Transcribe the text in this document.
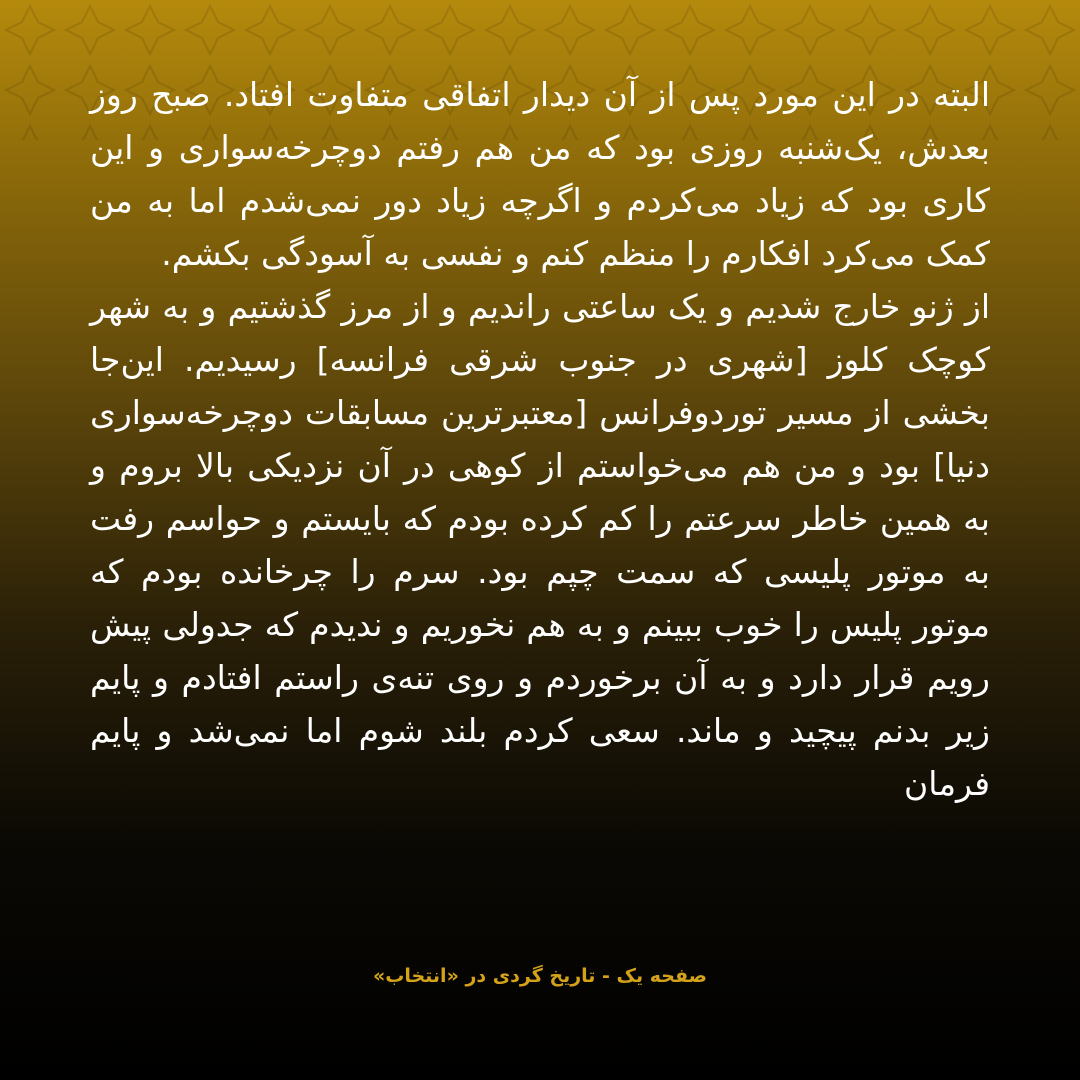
البته در این مورد پس از آن دیدار اتفاقی متفاوت افتاد. صبح روز بعدش، یک‌شنبه روزی بود که من هم رفتم دوچرخه‌سواری و این کاری بود که زیاد می‌کردم و اگرچه زیاد دور نمی‌شدم اما به من کمک می‌کرد افکارم را منظم کنم و نفسی به آسودگی بکشم.

از ژنو خارج شدیم و یک ساعتی راندیم و از مرز گذشتیم و به شهر کوچک کلوز [شهری در جنوب شرقی فرانسه] رسیدیم. این‌جا بخشی از مسیر توردوفرانس [معتبرترین مسابقات دوچرخه‌سواری دنیا] بود و من هم می‌خواستم از کوهی در آن نزدیکی بالا بروم و به همین خاطر سرعتم را کم کرده بودم که بایستم و حواسم رفت به موتور پلیسی که سمت چپم بود. سرم را چرخانده بودم که موتور پلیس را خوب ببینم و به هم نخوریم و ندیدم که جدولی پیش رویم قرار دارد و به آن برخوردم و روی تنه‌ی راستم افتادم و پایم زیر بدنم پیچید و ماند. سعی کردم بلند شوم اما نمی‌شد و پایم فرمان

صفحه یک - تاریخ گردی در «انتخاب»
